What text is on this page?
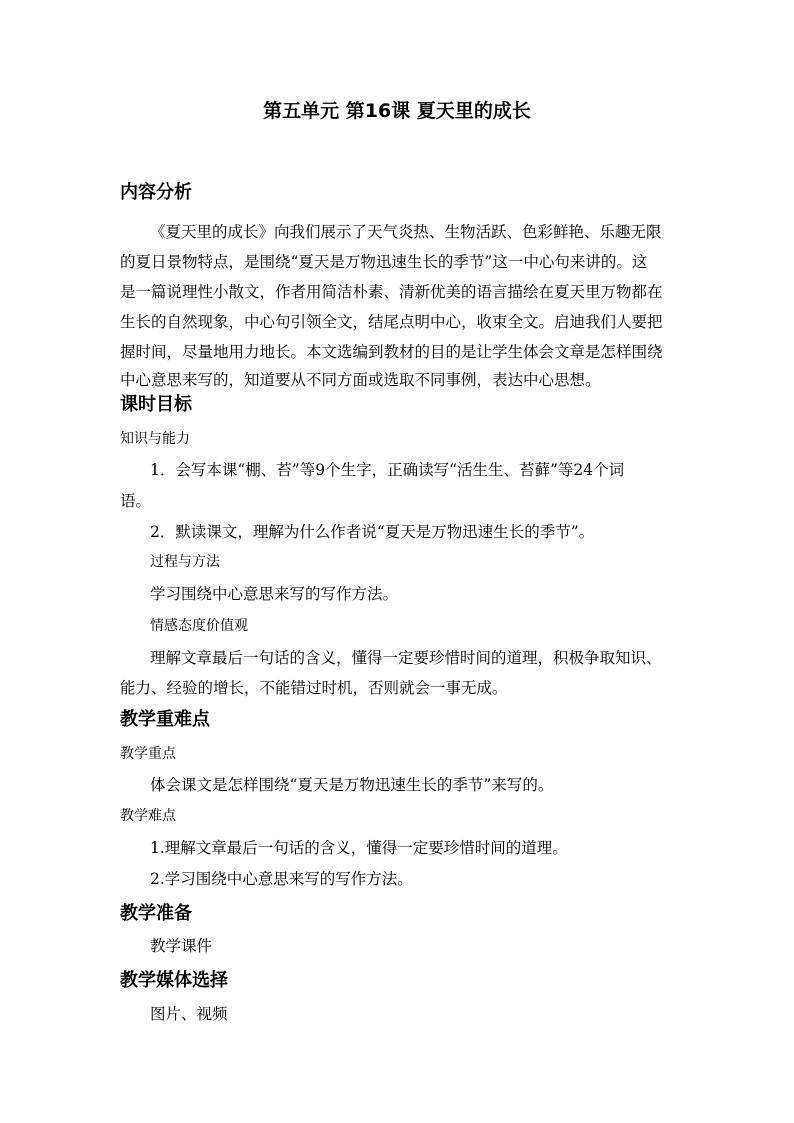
第五单元 第16课 夏天里的成长
内容分析
《夏天里的成长》向我们展示了天气炎热、生物活跃、色彩鲜艳、乐趣无限
的夏日景物特点，是围绕“夏天是万物迅速生长的季节”这一中心句来讲的。这
是一篇说理性小散文，作者用简洁朴素、清新优美的语言描绘在夏天里万物都在
生长的自然现象，中心句引领全文，结尾点明中心，收束全文。启迪我们人要把
握时间，尽量地用力地长。本文选编到教材的目的是让学生体会文章是怎样围绕
中心意思来写的，知道要从不同方面或选取不同事例，表达中心思想。
课时目标
知识与能力
1．会写本课“棚、苔”等9个生字，正确读写“活生生、苔藓”等24个词
语。
2．默读课文，理解为什么作者说“夏天是万物迅速生长的季节”。
过程与方法
学习围绕中心意思来写的写作方法。
情感态度价值观
理解文章最后一句话的含义，懂得一定要珍惜时间的道理，积极争取知识、
能力、经验的增长，不能错过时机，否则就会一事无成。
教学重难点
教学重点
体会课文是怎样围绕“夏天是万物迅速生长的季节”来写的。
教学难点
1.理解文章最后一句话的含义，懂得一定要珍惜时间的道理。
2.学习围绕中心意思来写的写作方法。
教学准备
教学课件
教学媒体选择
图片、视频
